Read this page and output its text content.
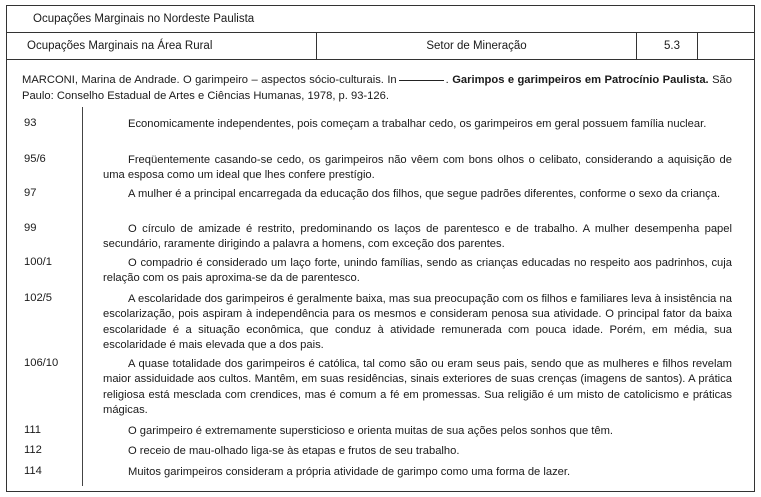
Ocupações Marginais no Nordeste Paulista
Ocupações Marginais na Área Rural	Setor de Mineração	5.3
MARCONI, Marina de Andrade. O garimpeiro – aspectos sócio-culturais. In	. Garimpos e garimpeiros em Patrocínio Paulista. São Paulo: Conselho Estadual de Artes e Ciências Humanas, 1978, p. 93-126.
93	Economicamente independentes, pois começam a trabalhar cedo, os garimpeiros em geral possuem família nuclear.
95/6	Freqüentemente casando-se cedo, os garimpeiros não vêem com bons olhos o celibato, considerando a aquisição de uma esposa como um ideal que lhes confere prestígio.
97	A mulher é a principal encarregada da educação dos filhos, que segue padrões diferentes, conforme o sexo da criança.
99	O círculo de amizade é restrito, predominando os laços de parentesco e de trabalho. A mulher desempenha papel secundário, raramente dirigindo a palavra a homens, com exceção dos parentes.
100/1	O compadrio é considerado um laço forte, unindo famílias, sendo as crianças educadas no respeito aos padrinhos, cuja relação com os pais aproxima-se da de parentesco.
102/5	A escolaridade dos garimpeiros é geralmente baixa, mas sua preocupação com os filhos e familiares leva à insistência na escolarização, pois aspiram à independência para os mesmos e consideram penosa sua atividade. O principal fator da baixa escolaridade é a situação econômica, que conduz à atividade remunerada com pouca idade. Porém, em média, sua escolaridade é mais elevada que a dos pais.
106/10	A quase totalidade dos garimpeiros é católica, tal como são ou eram seus pais, sendo que as mulheres e filhos revelam maior assiduidade aos cultos. Mantêm, em suas residências, sinais exteriores de suas crenças (imagens de santos). A prática religiosa está mesclada com crendices, mas é comum a fé em promessas. Sua religião é um misto de catolicismo e práticas mágicas.
111	O garimpeiro é extremamente supersticioso e orienta muitas de sua ações pelos sonhos que têm.
112	O receio de mau-olhado liga-se às etapas e frutos de seu trabalho.
114	Muitos garimpeiros consideram a própria atividade de garimpo como uma forma de lazer.
